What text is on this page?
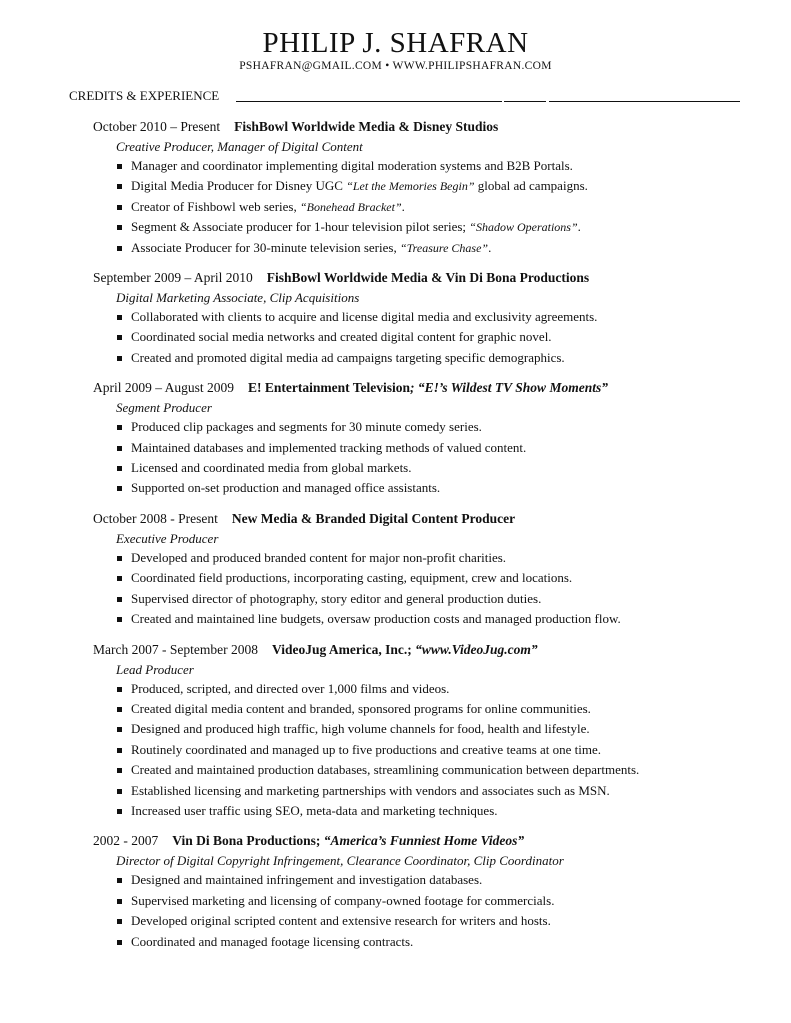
PHILIP J. SHAFRAN
PSHAFRAN@GMAIL.COM • WWW.PHILIPSHAFRAN.COM
CREDITS & EXPERIENCE
October 2010 – Present FishBowl Worldwide Media & Disney Studios
Creative Producer, Manager of Digital Content
Manager and coordinator implementing digital moderation systems and B2B Portals.
Digital Media Producer for Disney UGC “Let the Memories Begin” global ad campaigns.
Creator of Fishbowl web series, “Bonehead Bracket”.
Segment & Associate producer for 1-hour television pilot series; “Shadow Operations”.
Associate Producer for 30-minute television series, “Treasure Chase”.
September 2009 – April 2010 FishBowl Worldwide Media & Vin Di Bona Productions
Digital Marketing Associate, Clip Acquisitions
Collaborated with clients to acquire and license digital media and exclusivity agreements.
Coordinated social media networks and created digital content for graphic novel.
Created and promoted digital media ad campaigns targeting specific demographics.
April 2009 – August 2009 E! Entertainment Television; “E!’s Wildest TV Show Moments”
Segment Producer
Produced clip packages and segments for 30 minute comedy series.
Maintained databases and implemented tracking methods of valued content.
Licensed and coordinated media from global markets.
Supported on-set production and managed office assistants.
October 2008 - Present New Media & Branded Digital Content Producer
Executive Producer
Developed and produced branded content for major non-profit charities.
Coordinated field productions, incorporating casting, equipment, crew and locations.
Supervised director of photography, story editor and general production duties.
Created and maintained line budgets, oversaw production costs and managed production flow.
March 2007 - September 2008 VideoJug America, Inc.; “www.VideoJug.com”
Lead Producer
Produced, scripted, and directed over 1,000 films and videos.
Created digital media content and branded, sponsored programs for online communities.
Designed and produced high traffic, high volume channels for food, health and lifestyle.
Routinely coordinated and managed up to five productions and creative teams at one time.
Created and maintained production databases, streamlining communication between departments.
Established licensing and marketing partnerships with vendors and associates such as MSN.
Increased user traffic using SEO, meta-data and marketing techniques.
2002 - 2007 Vin Di Bona Productions; “America’s Funniest Home Videos”
Director of Digital Copyright Infringement, Clearance Coordinator, Clip Coordinator
Designed and maintained infringement and investigation databases.
Supervised marketing and licensing of company-owned footage for commercials.
Developed original scripted content and extensive research for writers and hosts.
Coordinated and managed footage licensing contracts.
